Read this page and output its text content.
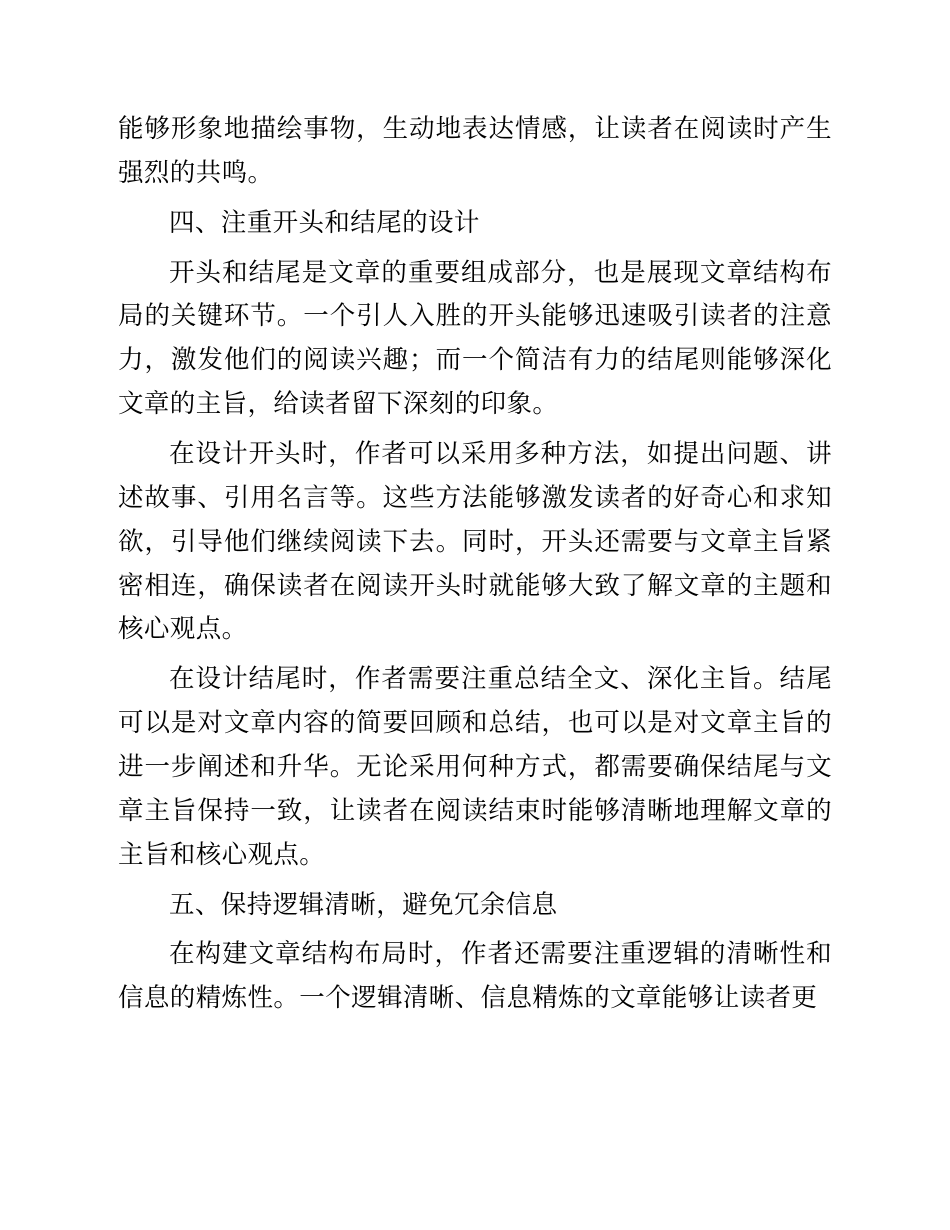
能够形象地描绘事物，生动地表达情感，让读者在阅读时产生强烈的共鸣。

四、注重开头和结尾的设计

开头和结尾是文章的重要组成部分，也是展现文章结构布局的关键环节。一个引人入胜的开头能够迅速吸引读者的注意力，激发他们的阅读兴趣；而一个简洁有力的结尾则能够深化文章的主旨，给读者留下深刻的印象。

在设计开头时，作者可以采用多种方法，如提出问题、讲述故事、引用名言等。这些方法能够激发读者的好奇心和求知欲，引导他们继续阅读下去。同时，开头还需要与文章主旨紧密相连，确保读者在阅读开头时就能够大致了解文章的主题和核心观点。

在设计结尾时，作者需要注重总结全文、深化主旨。结尾可以是对文章内容的简要回顾和总结，也可以是对文章主旨的进一步阐述和升华。无论采用何种方式，都需要确保结尾与文章主旨保持一致，让读者在阅读结束时能够清晰地理解文章的主旨和核心观点。

五、保持逻辑清晰，避免冗余信息

在构建文章结构布局时，作者还需要注重逻辑的清晰性和信息的精炼性。一个逻辑清晰、信息精炼的文章能够让读者更
